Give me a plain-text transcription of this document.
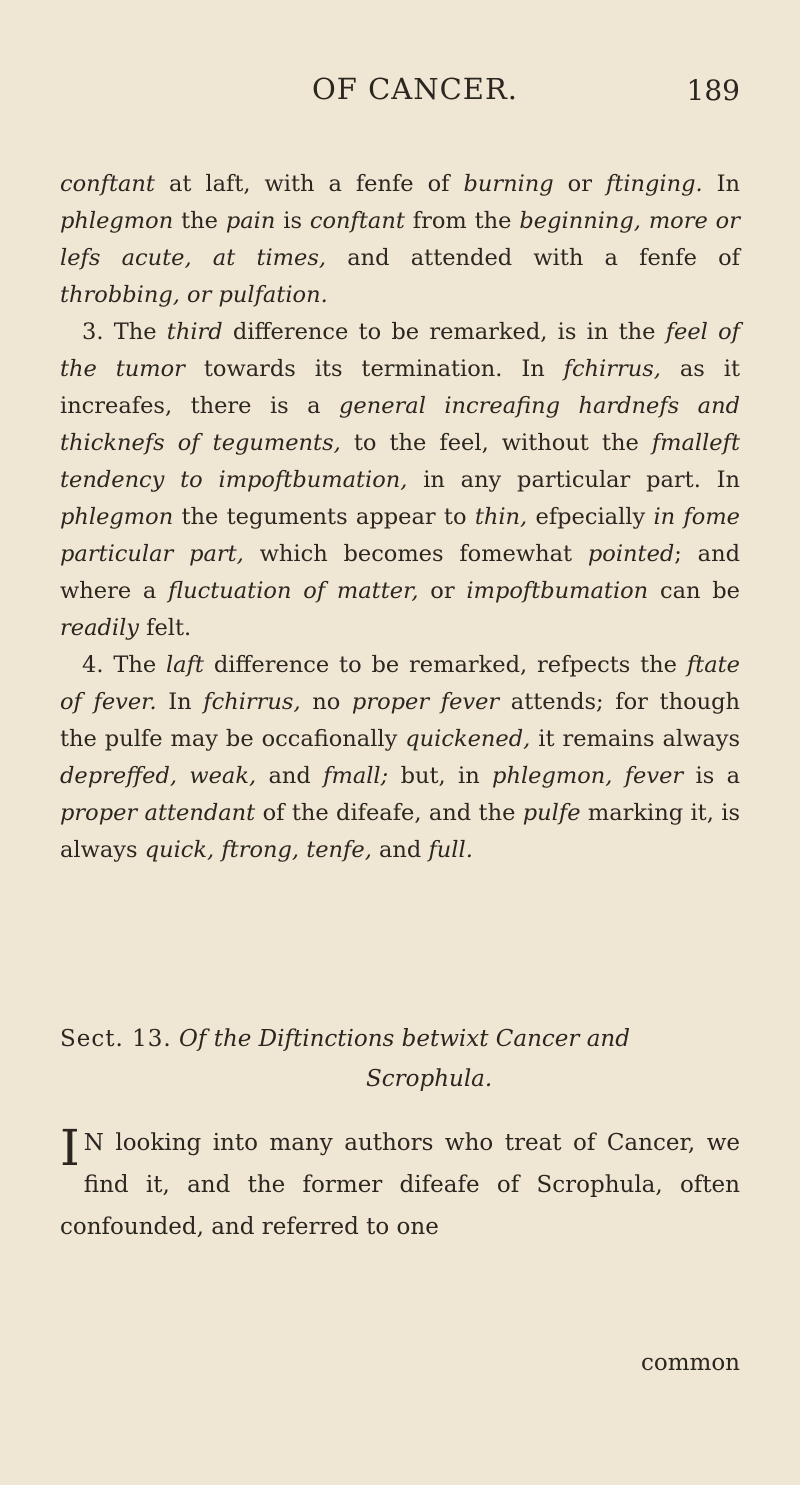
OF CANCER.	189

conftant at laft, with a fenfe of burning or ftinging. In phlegmon the pain is conftant from the beginning, more or lefs acute, at times, and attended with a fenfe of throbbing, or pulfation.

3. The third difference to be remarked, is in the feel of the tumor towards its termination. In fchirrus, as it increafes, there is a general increafing hardnefs and thicknefs of teguments, to the feel, without the fmalleft tendency to impoftbumation, in any particular part. In phlegmon the teguments appear to thin, efpecially in fome particular part, which becomes fomewhat pointed; and where a fluctuation of matter, or impoftbumation can be readily felt.

4. The laft difference to be remarked, refpects the ftate of fever. In fchirrus, no proper fever attends; for though the pulfe may be occafionally quickened, it remains always depreffed, weak, and fmall; but, in phlegmon, fever is a proper attendant of the difeafe, and the pulfe marking it, is always quick, ftrong, tenfe, and full.

Sect. 13. Of the Diftinctions betwixt Cancer and
Scrophula.
I N looking into many authors who treat of Cancer, we find it, and the former difeafe of Scrophula, often confounded, and referred to one
common
